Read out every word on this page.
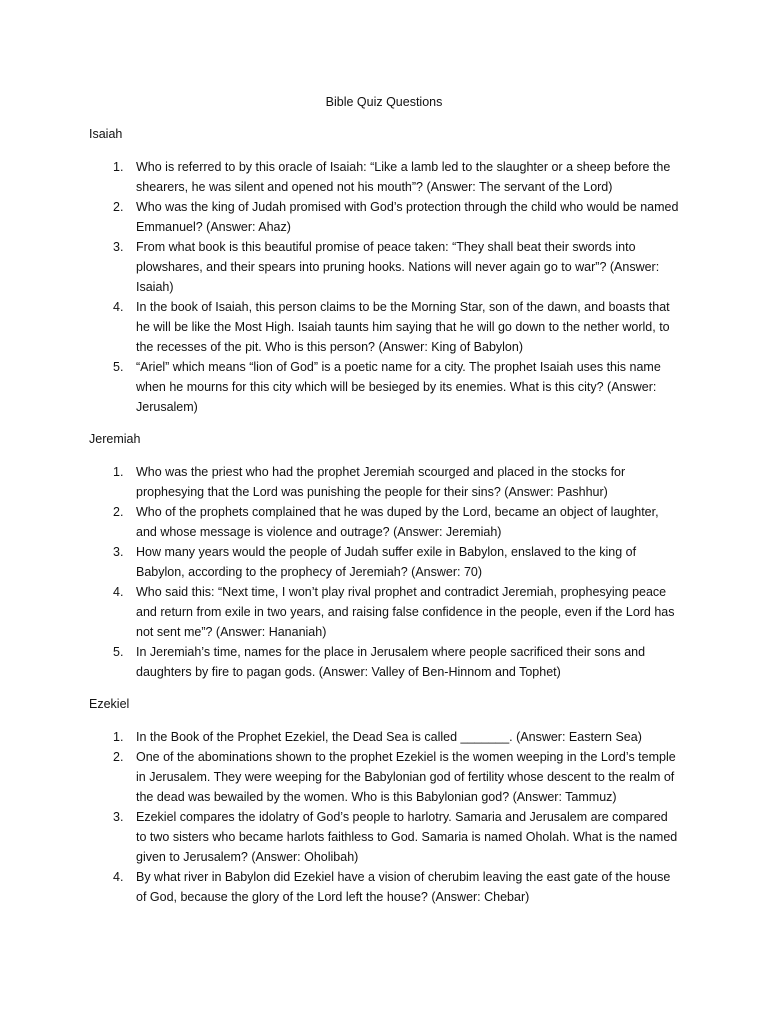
Bible Quiz Questions
Isaiah
1. Who is referred to by this oracle of Isaiah: “Like a lamb led to the slaughter or a sheep before the shearers, he was silent and opened not his mouth”? (Answer: The servant of the Lord)
2. Who was the king of Judah promised with God’s protection through the child who would be named Emmanuel? (Answer: Ahaz)
3. From what book is this beautiful promise of peace taken: “They shall beat their swords into plowshares, and their spears into pruning hooks. Nations will never again go to war”? (Answer: Isaiah)
4. In the book of Isaiah, this person claims to be the Morning Star, son of the dawn, and boasts that he will be like the Most High. Isaiah taunts him saying that he will go down to the nether world, to the recesses of the pit. Who is this person? (Answer: King of Babylon)
5. “Ariel” which means “lion of God” is a poetic name for a city. The prophet Isaiah uses this name when he mourns for this city which will be besieged by its enemies. What is this city? (Answer: Jerusalem)
Jeremiah
1. Who was the priest who had the prophet Jeremiah scourged and placed in the stocks for prophesying that the Lord was punishing the people for their sins? (Answer: Pashhur)
2. Who of the prophets complained that he was duped by the Lord, became an object of laughter, and whose message is violence and outrage? (Answer: Jeremiah)
3. How many years would the people of Judah suffer exile in Babylon, enslaved to the king of Babylon, according to the prophecy of Jeremiah? (Answer: 70)
4. Who said this: “Next time, I won’t play rival prophet and contradict Jeremiah, prophesying peace and return from exile in two years, and raising false confidence in the people, even if the Lord has not sent me”? (Answer: Hananiah)
5. In Jeremiah’s time, names for the place in Jerusalem where people sacrificed their sons and daughters by fire to pagan gods. (Answer: Valley of Ben-Hinnom and Tophet)
Ezekiel
1. In the Book of the Prophet Ezekiel, the Dead Sea is called _______. (Answer: Eastern Sea)
2. One of the abominations shown to the prophet Ezekiel is the women weeping in the Lord’s temple in Jerusalem. They were weeping for the Babylonian god of fertility whose descent to the realm of the dead was bewailed by the women. Who is this Babylonian god? (Answer: Tammuz)
3. Ezekiel compares the idolatry of God’s people to harlotry. Samaria and Jerusalem are compared to two sisters who became harlots faithless to God. Samaria is named Oholah. What is the named given to Jerusalem? (Answer: Oholibah)
4. By what river in Babylon did Ezekiel have a vision of cherubim leaving the east gate of the house of God, because the glory of the Lord left the house? (Answer: Chebar)
